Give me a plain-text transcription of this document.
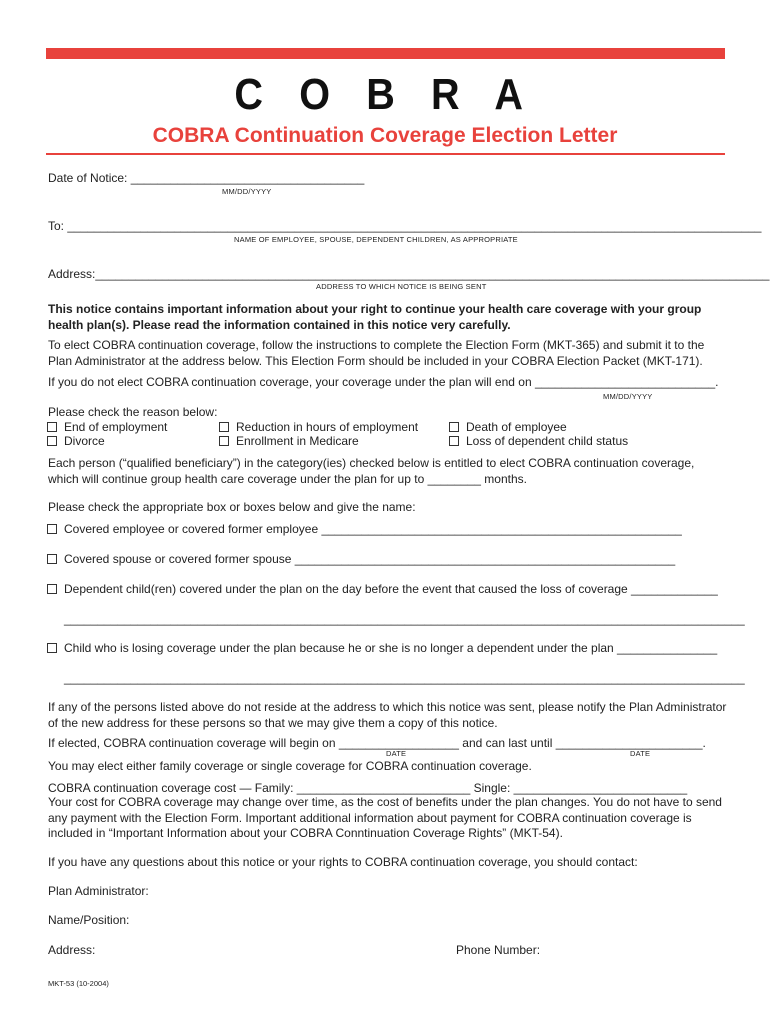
C O B R A
COBRA Continuation Coverage Election Letter
Date of Notice: ___________________________________
MM/DD/YYYY
To: ________________________________________________________________________________________________________
NAME OF EMPLOYEE, SPOUSE, DEPENDENT CHILDREN, AS APPROPRIATE
Address:_____________________________________________________________________________________________________
ADDRESS TO WHICH NOTICE IS BEING SENT
This notice contains important information about your right to continue your health care coverage with your group health plan(s). Please read the information contained in this notice very carefully.
To elect COBRA continuation coverage, follow the instructions to complete the Election Form (MKT-365) and submit it to the Plan Administrator at the address below. This Election Form should be included in your COBRA Election Packet (MKT-171).
If you do not elect COBRA continuation coverage, your coverage under the plan will end on ___________________________.
MM/DD/YYYY
Please check the reason below:
End of employment
Divorce
Reduction in hours of employment
Enrollment in Medicare
Death of employee
Loss of dependent child status
Each person (“qualified beneficiary”) in the category(ies) checked below is entitled to elect COBRA continuation coverage, which will continue group health care coverage under the plan for up to ________ months.
Please check the appropriate box or boxes below and give the name:
Covered employee or covered former employee ______________________________________________________
Covered spouse or covered former spouse _________________________________________________________
Dependent child(ren) covered under the plan on the day before the event that caused the loss of coverage _____________
______________________________________________________________________________________________________
Child who is losing coverage under the plan because he or she is no longer a dependent under the plan _______________
______________________________________________________________________________________________________
If any of the persons listed above do not reside at the address to which this notice was sent, please notify the Plan Administrator of the new address for these persons so that we may give them a copy of this notice.
If elected, COBRA continuation coverage will begin on __________________ and can last until ______________________.
DATE	DATE
You may elect either family coverage or single coverage for COBRA continuation coverage.
COBRA continuation coverage cost — Family: __________________________ Single: __________________________
Your cost for COBRA coverage may change over time, as the cost of benefits under the plan changes. You do not have to send any payment with the Election Form. Important additional information about payment for COBRA continuation coverage is included in “Important Information about your COBRA Conntinuation Coverage Rights” (MKT-54).
If you have any questions about this notice or your rights to COBRA continuation coverage, you should contact:
Plan Administrator:
Name/Position:
Address:	Phone Number:
MKT-53 (10-2004)
